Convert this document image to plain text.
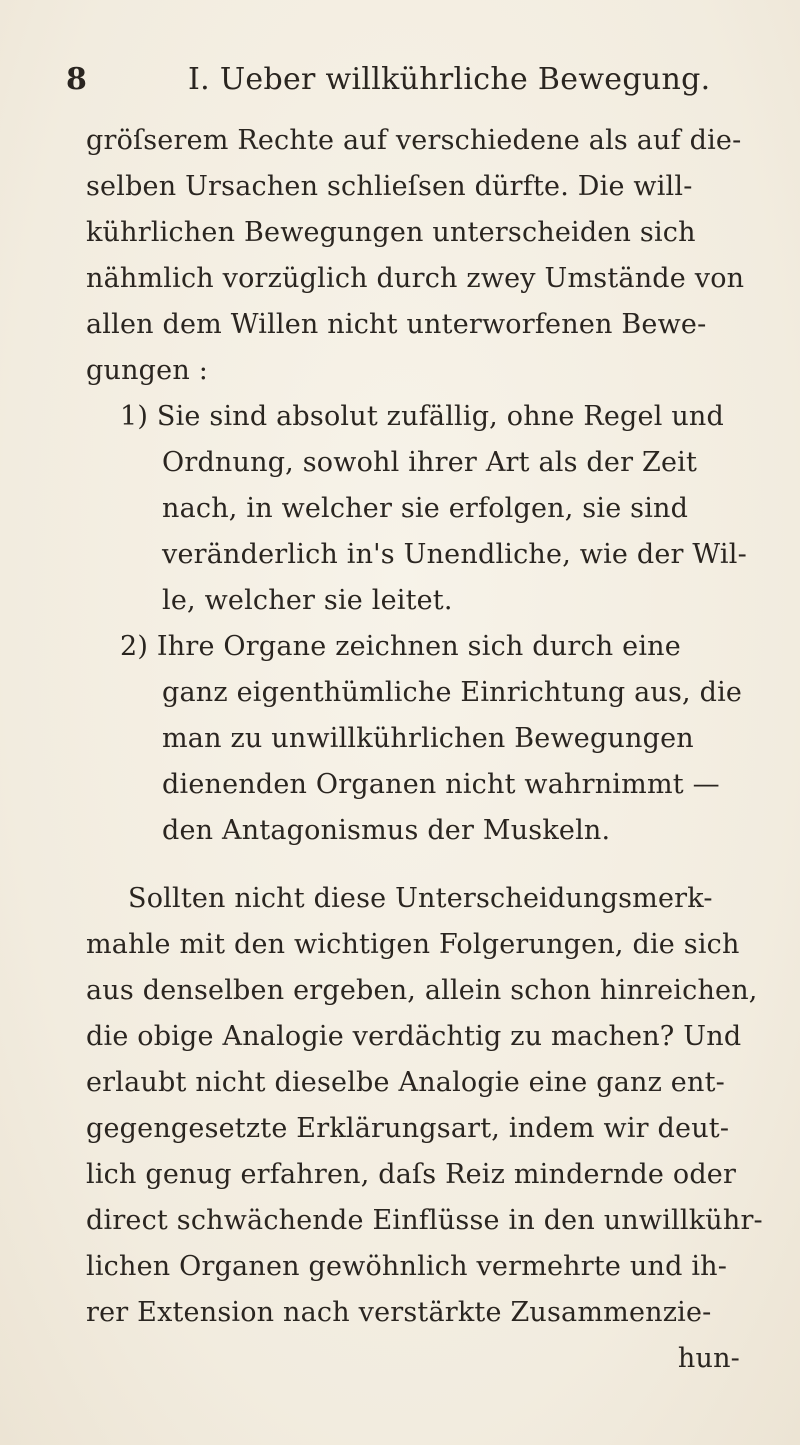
8	I. Ueber willkührliche Bewegung.
gröſserem Rechte auf verschiedene als auf die-
selben Ursachen schlieſsen dürfte. Die will-
kührlichen Bewegungen unterscheiden sich
nähmlich vorzüglich durch zwey Umstände von
allen dem Willen nicht unterworfenen Bewe-
gungen :
1) Sie sind absolut zufällig, ohne Regel und
Ordnung, sowohl ihrer Art als der Zeit
nach, in welcher sie erfolgen, sie sind
veränderlich in's Unendliche, wie der Wil-
le, welcher sie leitet.
2) Ihre Organe zeichnen sich durch eine
ganz eigenthümliche Einrichtung aus, die
man zu unwillkührlichen Bewegungen
dienenden Organen nicht wahrnimmt —
den Antagonismus der Muskeln.
Sollten nicht diese Unterscheidungsmerk-
mahle mit den wichtigen Folgerungen, die sich
aus denselben ergeben, allein schon hinreichen,
die obige Analogie verdächtig zu machen? Und
erlaubt nicht dieselbe Analogie eine ganz ent-
gegengesetzte Erklärungsart, indem wir deut-
lich genug erfahren, daſs Reiz mindernde oder
direct schwächende Einflüsse in den unwillkühr-
lichen Organen gewöhnlich vermehrte und ih-
rer Extension nach verstärkte Zusammenzie-
hun-
